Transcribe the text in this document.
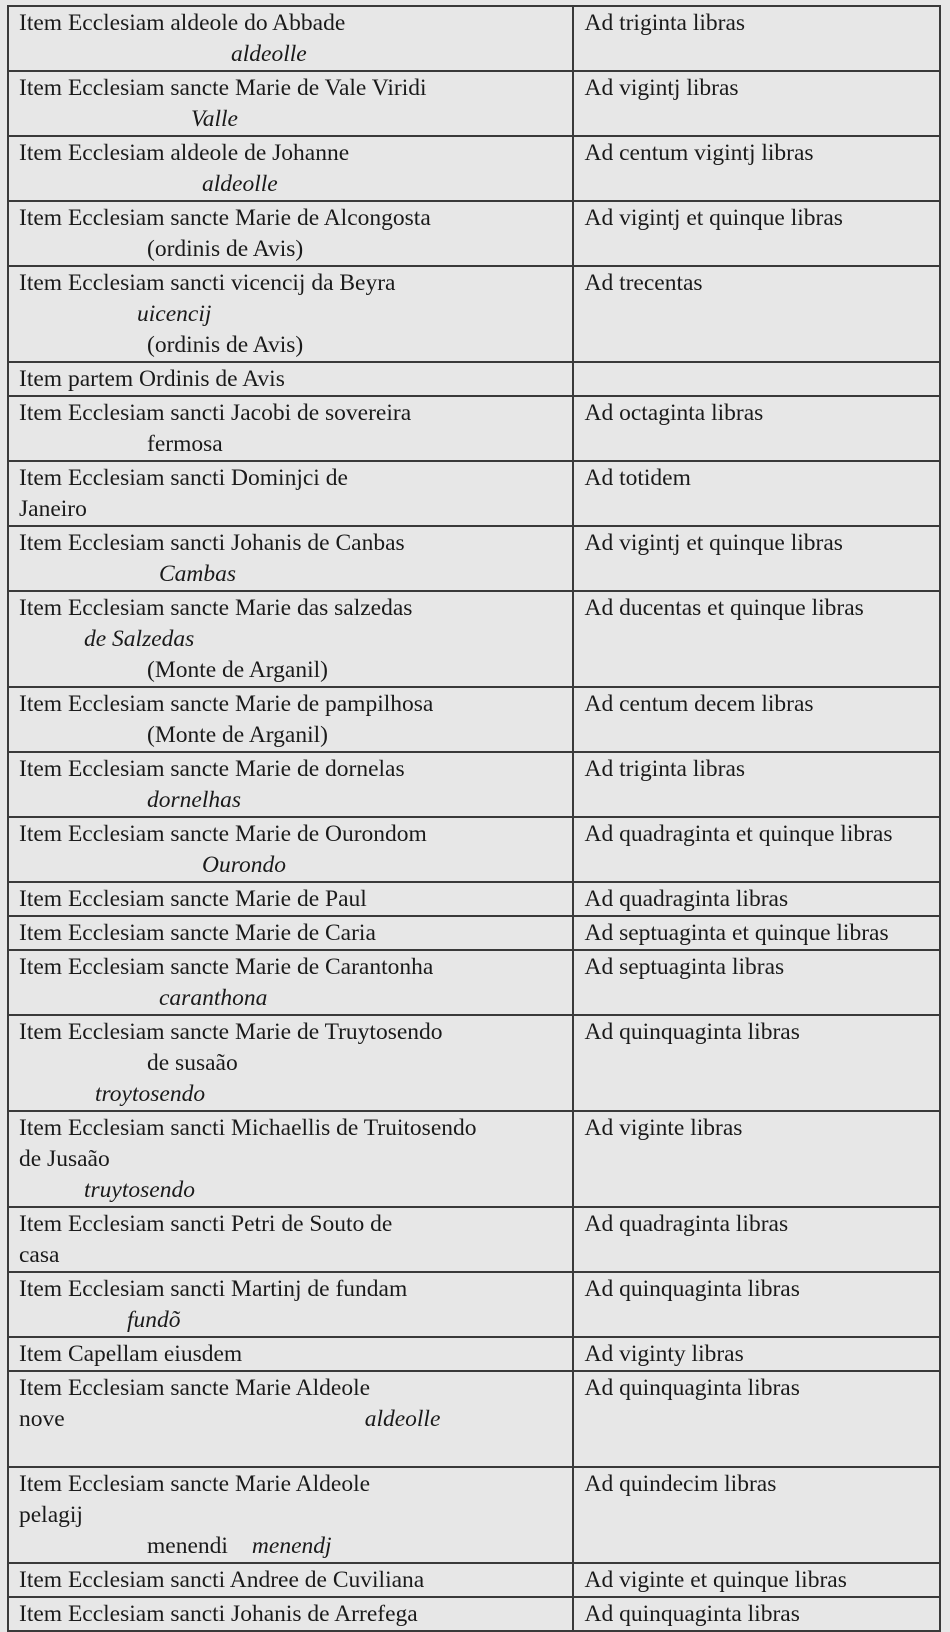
Item Ecclesiam aldeole do Abbade
aldeolle	Ad triginta libras

Item Ecclesiam sancte Marie de Vale Viridi
Valle	Ad vigintj libras

Item Ecclesiam aldeole de Johanne
aldeolle	Ad centum vigintj libras

Item Ecclesiam sancte Marie de Alcongosta
(ordinis de Avis)	Ad vigintj et quinque libras

Item Ecclesiam sancti vicencij da Beyra
uicencij
(ordinis de Avis)	Ad trecentas

Item partem Ordinis de Avis	

Item Ecclesiam sancti Jacobi de sovereira
fermosa	Ad octaginta libras

Item Ecclesiam sancti Dominjci de
Janeiro	Ad totidem

Item Ecclesiam sancti Johanis de Canbas
Cambas	Ad vigintj et quinque libras

Item Ecclesiam sancte Marie das salzedas
de Salzedas
(Monte de Arganil)	Ad ducentas et quinque libras

Item Ecclesiam sancte Marie de pampilhosa
(Monte de Arganil)	Ad centum decem libras

Item Ecclesiam sancte Marie de dornelas
dornelhas	Ad triginta libras

Item Ecclesiam sancte Marie de Ourondom
Ourondo	Ad quadraginta et quinque libras

Item Ecclesiam sancte Marie de Paul	Ad quadraginta libras

Item Ecclesiam sancte Marie de Caria	Ad septuaginta et quinque libras

Item Ecclesiam sancte Marie de Carantonha
caranthona	Ad septuaginta libras

Item Ecclesiam sancte Marie de Truytosendo
de susaão
troytosendo	Ad quinquaginta libras

Item Ecclesiam sancti Michaellis de Truitosendo
de Jusaão
truytosendo	Ad viginte libras

Item Ecclesiam sancti Petri de Souto de
casa	Ad quadraginta libras

Item Ecclesiam sancti Martinj de fundam
fundõ	Ad quinquaginta libras

Item Capellam eiusdem	Ad viginty libras

Item Ecclesiam sancte Marie Aldeole
nove aldeolle	Ad quinquaginta libras

Item Ecclesiam sancte Marie Aldeole
pelagij
menendi menendj	Ad quindecim libras

Item Ecclesiam sancti Andree de Cuviliana	Ad viginte et quinque libras

Item Ecclesiam sancti Johanis de Arrefega	Ad quinquaginta libras
